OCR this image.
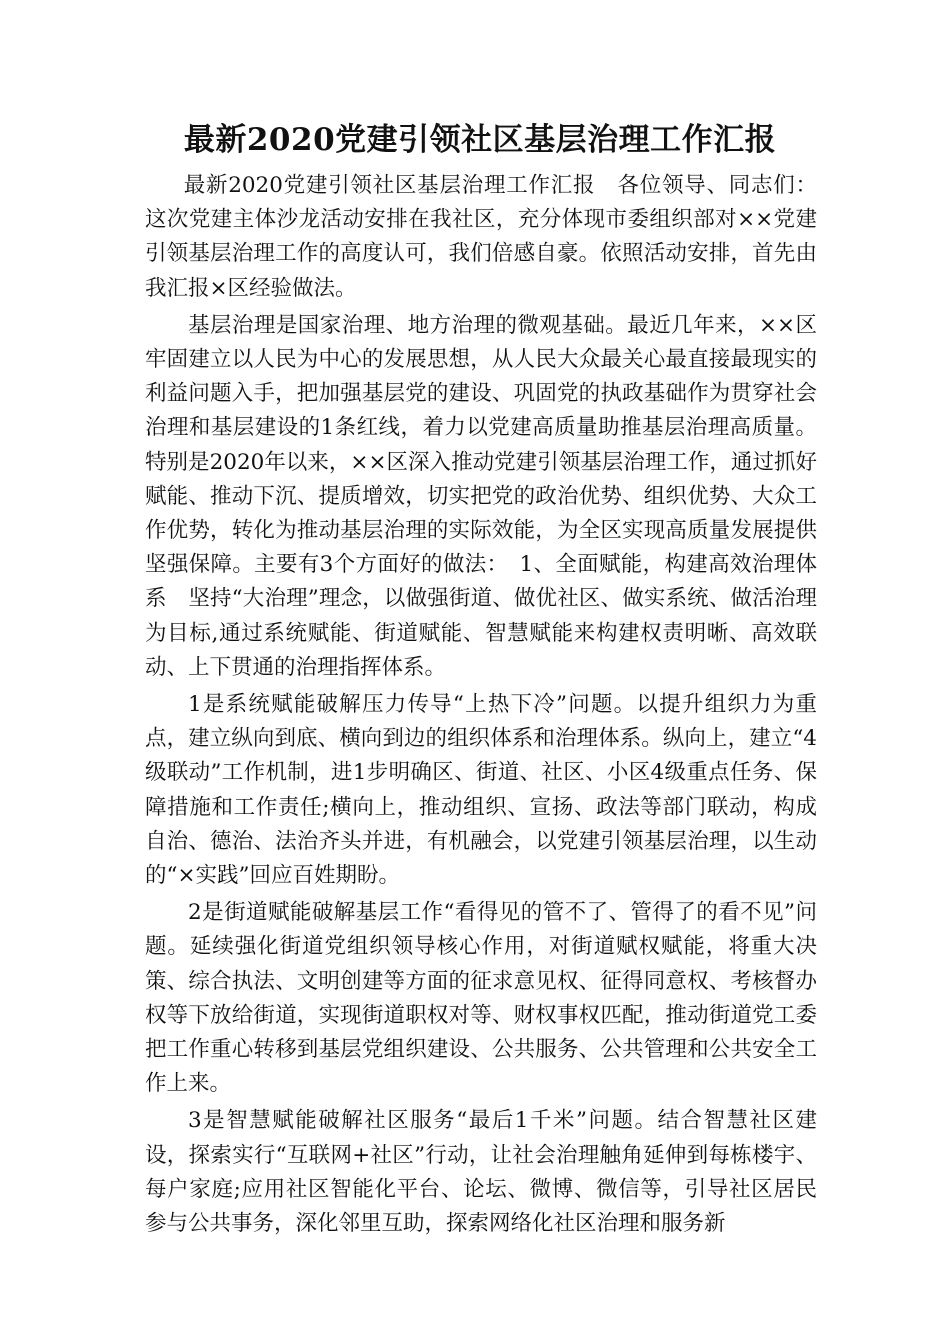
最新2020党建引领社区基层治理工作汇报

最新2020党建引领社区基层治理工作汇报　各位领导、同志们：这次党建主体沙龙活动安排在我社区，充分体现市委组织部对××党建引领基层治理工作的高度认可，我们倍感自豪。依照活动安排，首先由我汇报×区经验做法。

基层治理是国家治理、地方治理的微观基础。最近几年来，××区牢固建立以人民为中心的发展思想，从人民大众最关心最直接最现实的利益问题入手，把加强基层党的建设、巩固党的执政基础作为贯穿社会治理和基层建设的1条红线，着力以党建高质量助推基层治理高质量。特别是2020年以来，××区深入推动党建引领基层治理工作，通过抓好赋能、推动下沉、提质增效，切实把党的政治优势、组织优势、大众工作优势，转化为推动基层治理的实际效能，为全区实现高质量发展提供坚强保障。主要有3个方面好的做法：　1、全面赋能，构建高效治理体系　坚持“大治理”理念，以做强街道、做优社区、做实系统、做活治理为目标,通过系统赋能、街道赋能、智慧赋能来构建权责明晰、高效联动、上下贯通的治理指挥体系。

1是系统赋能破解压力传导“上热下冷”问题。以提升组织力为重点，建立纵向到底、横向到边的组织体系和治理体系。纵向上，建立“4级联动”工作机制，进1步明确区、街道、社区、小区4级重点任务、保障措施和工作责任;横向上，推动组织、宣扬、政法等部门联动，构成自治、德治、法治齐头并进，有机融会，以党建引领基层治理，以生动的“×实践”回应百姓期盼。

2是街道赋能破解基层工作“看得见的管不了、管得了的看不见”问题。延续强化街道党组织领导核心作用，对街道赋权赋能，将重大决策、综合执法、文明创建等方面的征求意见权、征得同意权、考核督办权等下放给街道，实现街道职权对等、财权事权匹配，推动街道党工委把工作重心转移到基层党组织建设、公共服务、公共管理和公共安全工作上来。

3是智慧赋能破解社区服务“最后1千米”问题。结合智慧社区建设，探索实行“互联网+社区”行动，让社会治理触角延伸到每栋楼宇、每户家庭;应用社区智能化平台、论坛、微博、微信等，引导社区居民参与公共事务，深化邻里互助，探索网络化社区治理和服务新
